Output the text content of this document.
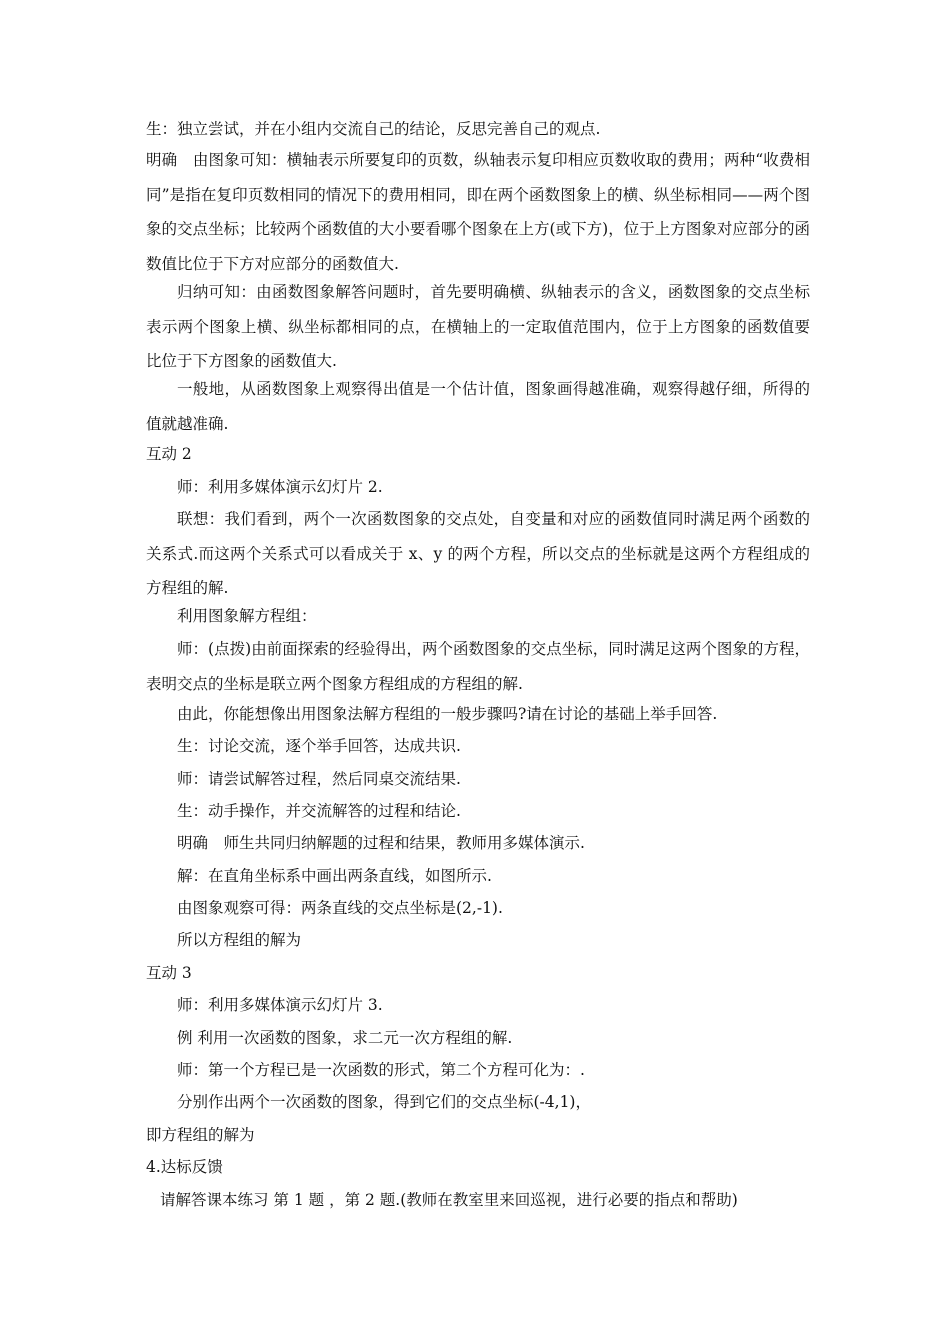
生：独立尝试，并在小组内交流自己的结论，反思完善自己的观点.

明确　由图象可知：横轴表示所要复印的页数，纵轴表示复印相应页数收取的费用；两种“收费相同”是指在复印页数相同的情况下的费用相同，即在两个函数图象上的横、纵坐标相同——两个图象的交点坐标；比较两个函数值的大小要看哪个图象在上方(或下方)，位于上方图象对应部分的函数值比位于下方对应部分的函数值大.

归纳可知：由函数图象解答问题时，首先要明确横、纵轴表示的含义，函数图象的交点坐标表示两个图象上横、纵坐标都相同的点，在横轴上的一定取值范围内，位于上方图象的函数值要比位于下方图象的函数值大.

一般地，从函数图象上观察得出值是一个估计值，图象画得越准确，观察得越仔细，所得的值就越准确.

互动 2

师：利用多媒体演示幻灯片 2.

联想：我们看到，两个一次函数图象的交点处，自变量和对应的函数值同时满足两个函数的关系式.而这两个关系式可以看成关于 x、y 的两个方程，所以交点的坐标就是这两个方程组成的方程组的解.

利用图象解方程组：

师：(点拨)由前面探索的经验得出，两个函数图象的交点坐标，同时满足这两个图象的方程，表明交点的坐标是联立两个图象方程组成的方程组的解.

由此，你能想像出用图象法解方程组的一般步骤吗?请在讨论的基础上举手回答.

生：讨论交流，逐个举手回答，达成共识.

师：请尝试解答过程，然后同桌交流结果.

生：动手操作，并交流解答的过程和结论.

明确　师生共同归纳解题的过程和结果，教师用多媒体演示.

解：在直角坐标系中画出两条直线，如图所示.

由图象观察可得：两条直线的交点坐标是(2,-1).

所以方程组的解为

互动 3

师：利用多媒体演示幻灯片 3.

例 利用一次函数的图象，求二元一次方程组的解.

师：第一个方程已是一次函数的形式，第二个方程可化为：.

分别作出两个一次函数的图象，得到它们的交点坐标(-4,1)，

即方程组的解为

4.达标反馈

请解答课本练习 第 1 题 ，第 2 题.(教师在教室里来回巡视，进行必要的指点和帮助)
